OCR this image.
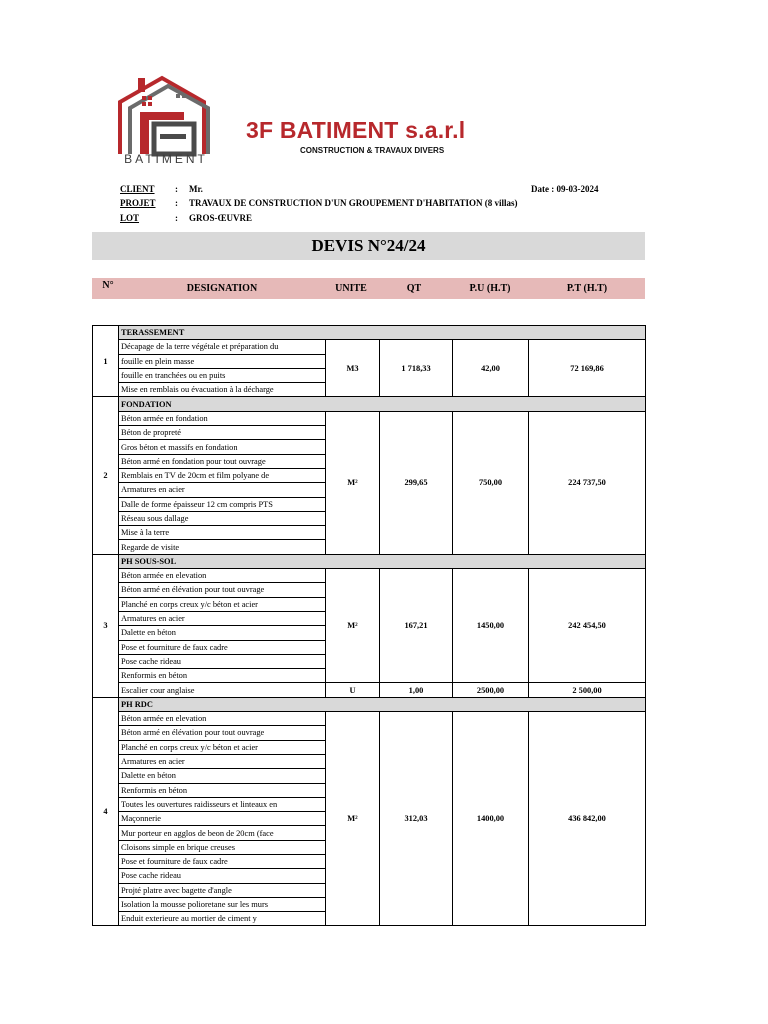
BATIMENT
3F BATIMENT s.a.r.l
CONSTRUCTION & TRAVAUX DIVERS
CLIENT : Mr.
PROJET : TRAVAUX DE CONSTRUCTION D'UN GROUPEMENT D'HABITATION (8 villas)
LOT	: GROS-ŒUVRE
Date : 09-03-2024
DEVIS N°24/24
N°	DESIGNATION	UNITE	QT	P.U (H.T)	P.T (H.T)
1	TERASSEMENT				
	Décapage de la terre végétale et préparation du	M3	1 718,33	42,00	72 169,86
	fouille en plein masse				
	fouille en tranchées ou en puits				
	Mise en remblais ou évacuation à la décharge				
2	FONDATION				
	Béton armée en fondation	M²	299,65	750,00	224 737,50
	Béton de propreté				
	Gros béton et massifs en fondation				
	Béton armé en fondation pour tout ouvrage				
	Remblais en TV de 20cm et film polyane de				
	Armatures en acier				
	Dalle de forme épaisseur 12 cm compris PTS				
	Réseau sous dallage				
	Mise à la terre				
	Regarde de visite				
3	PH SOUS-SOL				
	Béton armée en elevation	M²	167,21	1450,00	242 454,50
	Béton armé en élévation pour tout ouvrage				
	Planché en corps creux y/c béton et acier				
	Armatures en acier				
	Dalette en béton				
	Pose et fourniture de faux cadre				
	Pose cache rideau				
	Renformis en béton				
	Escalier cour anglaise	U	1,00	2500,00	2 500,00
4	PH RDC				
	Béton armée en elevation	M²	312,03	1400,00	436 842,00
	Béton armé en élévation pour tout ouvrage				
	Planché en corps creux y/c béton et acier				
	Armatures en acier				
	Dalette en béton				
	Renformis en béton				
	Toutes les ouvertures raidisseurs et linteaux en				
	Maçonnerie				
	Mur porteur en agglos de beon de 20cm (face				
	Cloisons simple en brique creuses				
	Pose et fourniture de faux cadre				
	Pose cache rideau				
	Projté platre avec bagette d'angle				
	Isolation la mousse polioretane sur les murs				
	Enduit exterieure au mortier de ciment y				
